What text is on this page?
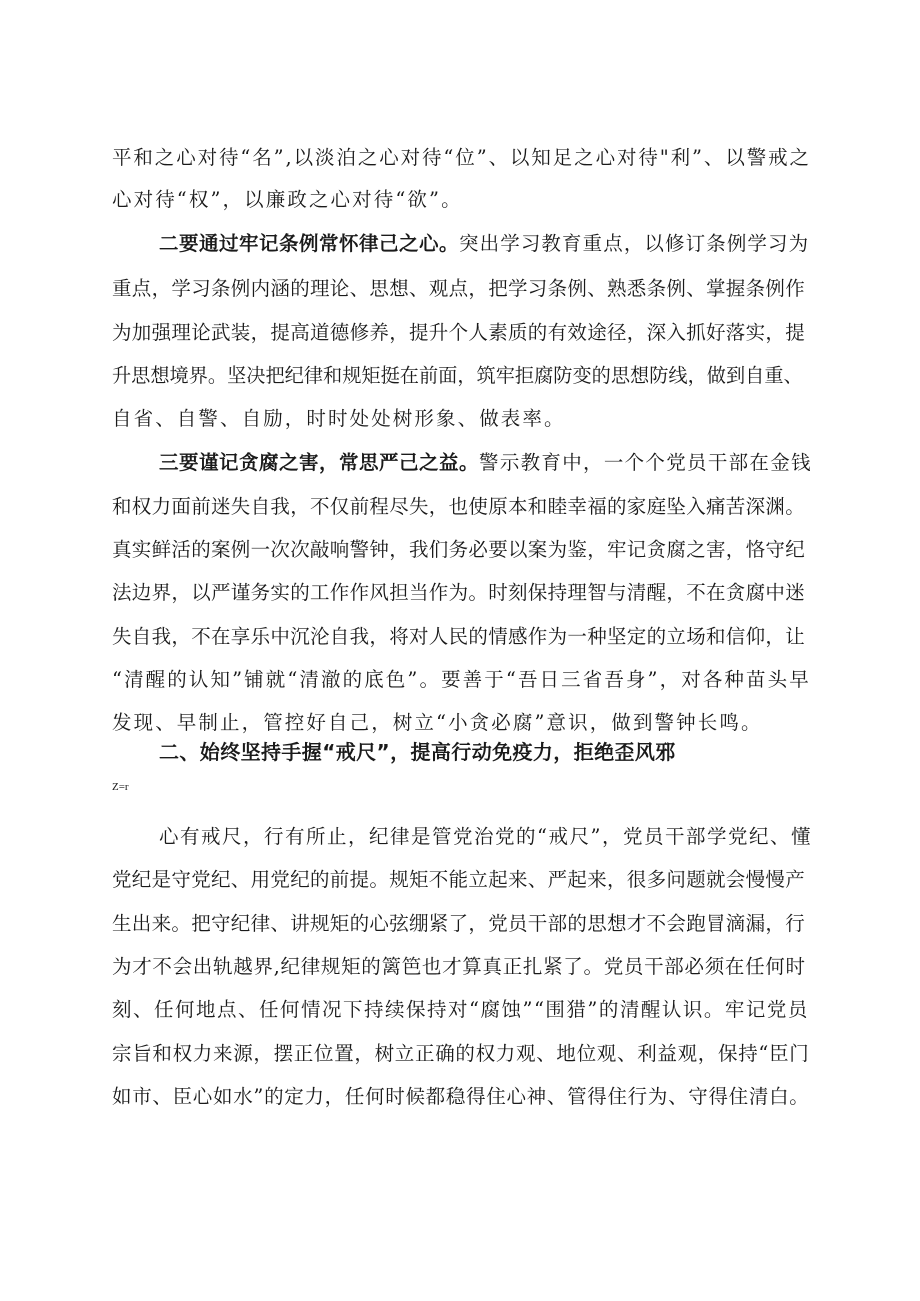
平和之心对待“名”,以淡泊之心对待“位”、以知足之心对待"利”、以警戒之
心对待“权”，以廉政之心对待“欲”。
二要通过牢记条例常怀律己之心。突出学习教育重点，以修订条例学习为
重点，学习条例内涵的理论、思想、观点，把学习条例、熟悉条例、掌握条例作
为加强理论武装，提高道德修养，提升个人素质的有效途径，深入抓好落实，提
升思想境界。坚决把纪律和规矩挺在前面，筑牢拒腐防变的思想防线，做到自重、
自省、自警、自励，时时处处树形象、做表率。
三要谨记贪腐之害，常思严己之益。警示教育中，一个个党员干部在金钱
和权力面前迷失自我，不仅前程尽失，也使原本和睦幸福的家庭坠入痛苦深渊。
真实鲜活的案例一次次敲响警钟，我们务必要以案为鉴，牢记贪腐之害，恪守纪
法边界，以严谨务实的工作作风担当作为。时刻保持理智与清醒，不在贪腐中迷
失自我，不在享乐中沉沦自我，将对人民的情感作为一种坚定的立场和信仰，让
“清醒的认知”铺就“清澈的底色”。要善于“吾日三省吾身”，对各种苗头早
发现、早制止，管控好自己，树立“小贪必腐”意识，做到警钟长鸣。
二、始终坚持手握“戒尺”，提高行动免疫力，拒绝歪风邪
Z=r
心有戒尺，行有所止，纪律是管党治党的“戒尺”，党员干部学党纪、懂
党纪是守党纪、用党纪的前提。规矩不能立起来、严起来，很多问题就会慢慢产
生出来。把守纪律、讲规矩的心弦绷紧了，党员干部的思想才不会跑冒滴漏，行
为才不会出轨越界,纪律规矩的篱笆也才算真正扎紧了。党员干部必须在任何时
刻、任何地点、任何情况下持续保持对“腐蚀”“围猎”的清醒认识。牢记党员
宗旨和权力来源，摆正位置，树立正确的权力观、地位观、利益观，保持“臣门
如市、臣心如水”的定力，任何时候都稳得住心神、管得住行为、守得住清白。
